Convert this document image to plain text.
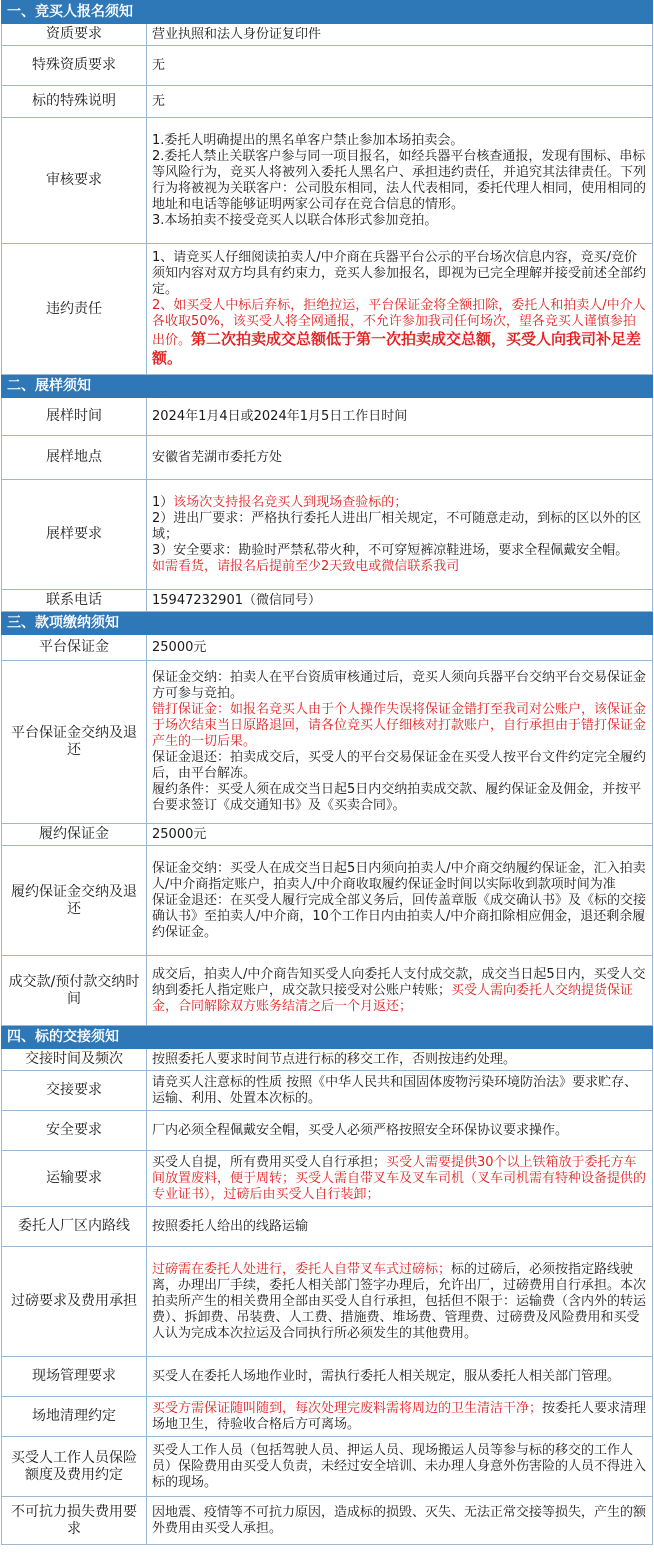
一、竞买人报名须知	
资质要求	营业执照和法人身份证复印件

特殊资质要求	无

标的特殊说明	无

审核要求	1.委托人明确提出的黑名单客户禁止参加本场拍卖会。
2.委托人禁止关联客户参与同一项目报名，如经兵器平台核查通报，发现有围标、串标等风险行为，竞买人将被列入委托人黑名户、承担违约责任，并追究其法律责任。下列行为将被视为关联客户：公司股东相同，法人代表相同，委托代理人相同，使用相同的地址和电话等能够证明两家公司存在竞合信息的情形。
3.本场拍卖不接受竞买人以联合体形式参加竞拍。

违约责任	1、请竞买人仔细阅读拍卖人/中介商在兵器平台公示的平台场次信息内容，竞买/竞价须知内容对双方均具有约束力，竞买人参加报名，即视为已完全理解并接受前述全部约定。
2、如买受人中标后弃标，拒绝拉运，平台保证金将全额扣除，委托人和拍卖人/中介人各收取50%，该买受人将全网通报，不允许参加我司任何场次，望各竞买人谨慎参拍出价。第二次拍卖成交总额低于第一次拍卖成交总额，买受人向我司补足差额。

二、展样须知	
展样时间	2024年1月4日或2024年1月5日工作日时间

展样地点	安徽省芜湖市委托方处

展样要求	1）该场次支持报名竞买人到现场查验标的；
2）进出厂要求：严格执行委托人进出厂相关规定，不可随意走动，到标的区以外的区域；
3）安全要求：勘验时严禁私带火种，不可穿短裤凉鞋进场，要求全程佩戴安全帽。
如需看货，请报名后提前至少2天致电或微信联系我司

联系电话	15947232901（微信同号）

三、款项缴纳须知	
平台保证金	25000元

平台保证金交纳及退还	保证金交纳：拍卖人在平台资质审核通过后，竞买人须向兵器平台交纳平台交易保证金方可参与竞拍。
错打保证金：如报名竞买人由于个人操作失误将保证金错打至我司对公账户，该保证金于场次结束当日原路退回，请各位竞买人仔细核对打款账户，自行承担由于错打保证金产生的一切后果。
保证金退还：拍卖成交后，买受人的平台交易保证金在买受人按平台文件约定完全履约后，由平台解冻。
履约条件：买受人须在成交当日起5日内交纳拍卖成交款、履约保证金及佣金，并按平台要求签订《成交通知书》及《买卖合同》。

履约保证金	25000元

履约保证金交纳及退还	保证金交纳：买受人在成交当日起5日内须向拍卖人/中介商交纳履约保证金，汇入拍卖人/中介商指定账户，拍卖人/中介商收取履约保证金时间以实际收到款项时间为准
保证金退还：在买受人履行完成全部义务后，回传盖章版《成交确认书》及《标的交接确认书》至拍卖人/中介商，10个工作日内由拍卖人/中介商扣除相应佣金，退还剩余履约保证金。

成交款/预付款交纳时间	成交后，拍卖人/中介商告知买受人向委托人支付成交款，成交当日起5日内，买受人交纳到委托人指定账户，成交款只接受对公账户转账；买受人需向委托人交纳提货保证金，合同解除双方账务结清之后一个月返还；

四、标的交接须知	
交接时间及频次	按照委托人要求时间节点进行标的移交工作，否则按违约处理。

交接要求	请竞买人注意标的性质 按照《中华人民共和国固体废物污染环境防治法》要求贮存、运输、利用、处置本次标的。

安全要求	厂内必须全程佩戴安全帽，买受人必须严格按照安全环保协议要求操作。

运输要求	买受人自提，所有费用买受人自行承担；买受人需要提供30个以上铁箱放于委托方车间放置废料，便于周转；买受人需自带叉车及叉车司机（叉车司机需有特种设备提供的专业证书），过磅后由买受人自行装卸；

委托人厂区内路线	按照委托人给出的线路运输

过磅要求及费用承担	过磅需在委托人处进行，委托人自带叉车式过磅标；标的过磅后，必须按指定路线驶离，办理出厂手续，委托人相关部门签字办理后，允许出厂，过磅费用自行承担。本次拍卖所产生的相关费用全部由买受人自行承担，包括但不限于：运输费（含内外的转运费）、拆卸费、吊装费、人工费、措施费、堆场费、管理费、过磅费及风险费用和买受人认为完成本次拉运及合同执行所必须发生的其他费用。

现场管理要求	买受人在委托人场地作业时，需执行委托人相关规定，服从委托人相关部门管理。

场地清理约定	买受方需保证随叫随到，每次处理完废料需将周边的卫生清洁干净；按委托人要求清理场地卫生，待验收合格后方可离场。

买受人工作人员保险额度及费用约定	买受人工作人员（包括驾驶人员、押运人员、现场搬运人员等参与标的移交的工作人员）保险费用由买受人负责，未经过安全培训、未办理人身意外伤害险的人员不得进入标的现场。

不可抗力损失费用要求	因地震、疫情等不可抗力原因，造成标的损毁、灭失、无法正常交接等损失，产生的额外费用由买受人承担。
